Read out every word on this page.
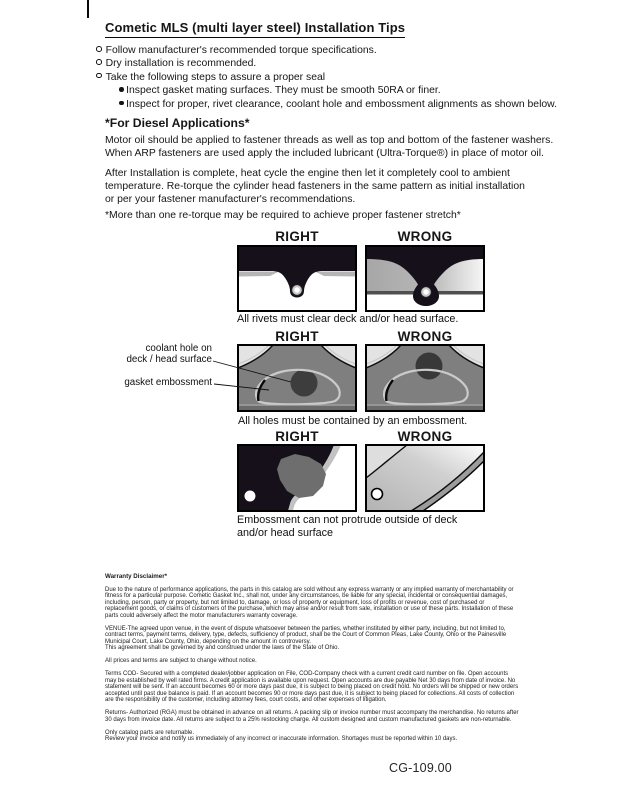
Cometic MLS (multi layer steel) Installation Tips
Follow manufacturer's recommended torque specifications.
Dry installation is recommended.
Take the following steps to assure a proper seal
Inspect gasket mating surfaces. They must be smooth 50RA or finer.
Inspect for proper, rivet clearance, coolant hole and embossment alignments as shown below.
*For Diesel Applications*
Motor oil should be applied to fastener threads as well as top and bottom of the fastener washers.
When ARP fasteners are used apply the included lubricant (Ultra-Torque®) in place of motor oil.
After Installation is complete, heat cycle the engine then let it completely cool to ambient
temperature. Re-torque the cylinder head fasteners in the same pattern as initial installation
or per your fastener manufacturer's recommendations.
*More than one re-torque may be required to achieve proper fastener stretch*
RIGHT	WRONG
All rivets must clear deck and/or head surface.
RIGHT	WRONG
coolant hole on
deck / head surface
gasket embossment
All holes must be contained by an embossment.
RIGHT	WRONG
Embossment can not protrude outside of deck and/or head surface

Warranty Disclaimer*

Due to the nature of performance applications, the parts in this catalog are sold without any express warranty or any implied warranty of merchantability or fitness for a particular purpose. Cometic Gasket Inc., shall not, under any circumstances, be liable for any special, incidental or consequential damages, including, person, party or property, but not limited to, damage, or loss of property or equipment, loss of profits or revenue, cost of purchased or replacement goods, or claims of customers of the purchase, which may arise and/or result from sale, installation or use of these parts. Installation of these parts could adversely affect the motor manufacturers warranty coverage.

VENUE-The agreed upon venue, in the event of dispute whatsoever between the parties, whether instituted by either party, including, but not limited to, contract terms, payment terms, delivery, type, defects, sufficiency of product, shall be the Court of Common Pleas, Lake County, Ohio or the Painesville Municipal Court, Lake County, Ohio, depending on the amount in controversy.
This agreement shall be governed by and construed under the laws of the State of Ohio.

All prices and terms are subject to change without notice.

Terms COD- Secured with a completed dealer/jobber application on File, COD-Company check with a current credit card number on file. Open accounts may be established by well rated firms. A credit application is available upon request. Open accounts are due payable Net 30 days from date of invoice. No statement will be sent. If an account becomes 60 or more days past due, it is subject to being placed on credit hold. No orders will be shipped or new orders accepted until past due balance is paid. If an account becomes 90 or more days past due, it is subject to being placed for collections. All costs of collection are the responsibility of the customer, including attorney fees, court costs, and other expenses of litigation.

Returns- Authorized (RGA) must be obtained in advance on all returns. A packing slip or invoice number must accompany the merchandise. No returns after 30 days from invoice date. All returns are subject to a 25% restocking charge. All custom designed and custom manufactured gaskets are non-returnable.

Only catalog parts are returnable.
Review your invoice and notify us immediately of any incorrect or inaccurate information. Shortages must be reported within 10 days.

CG-109.00
